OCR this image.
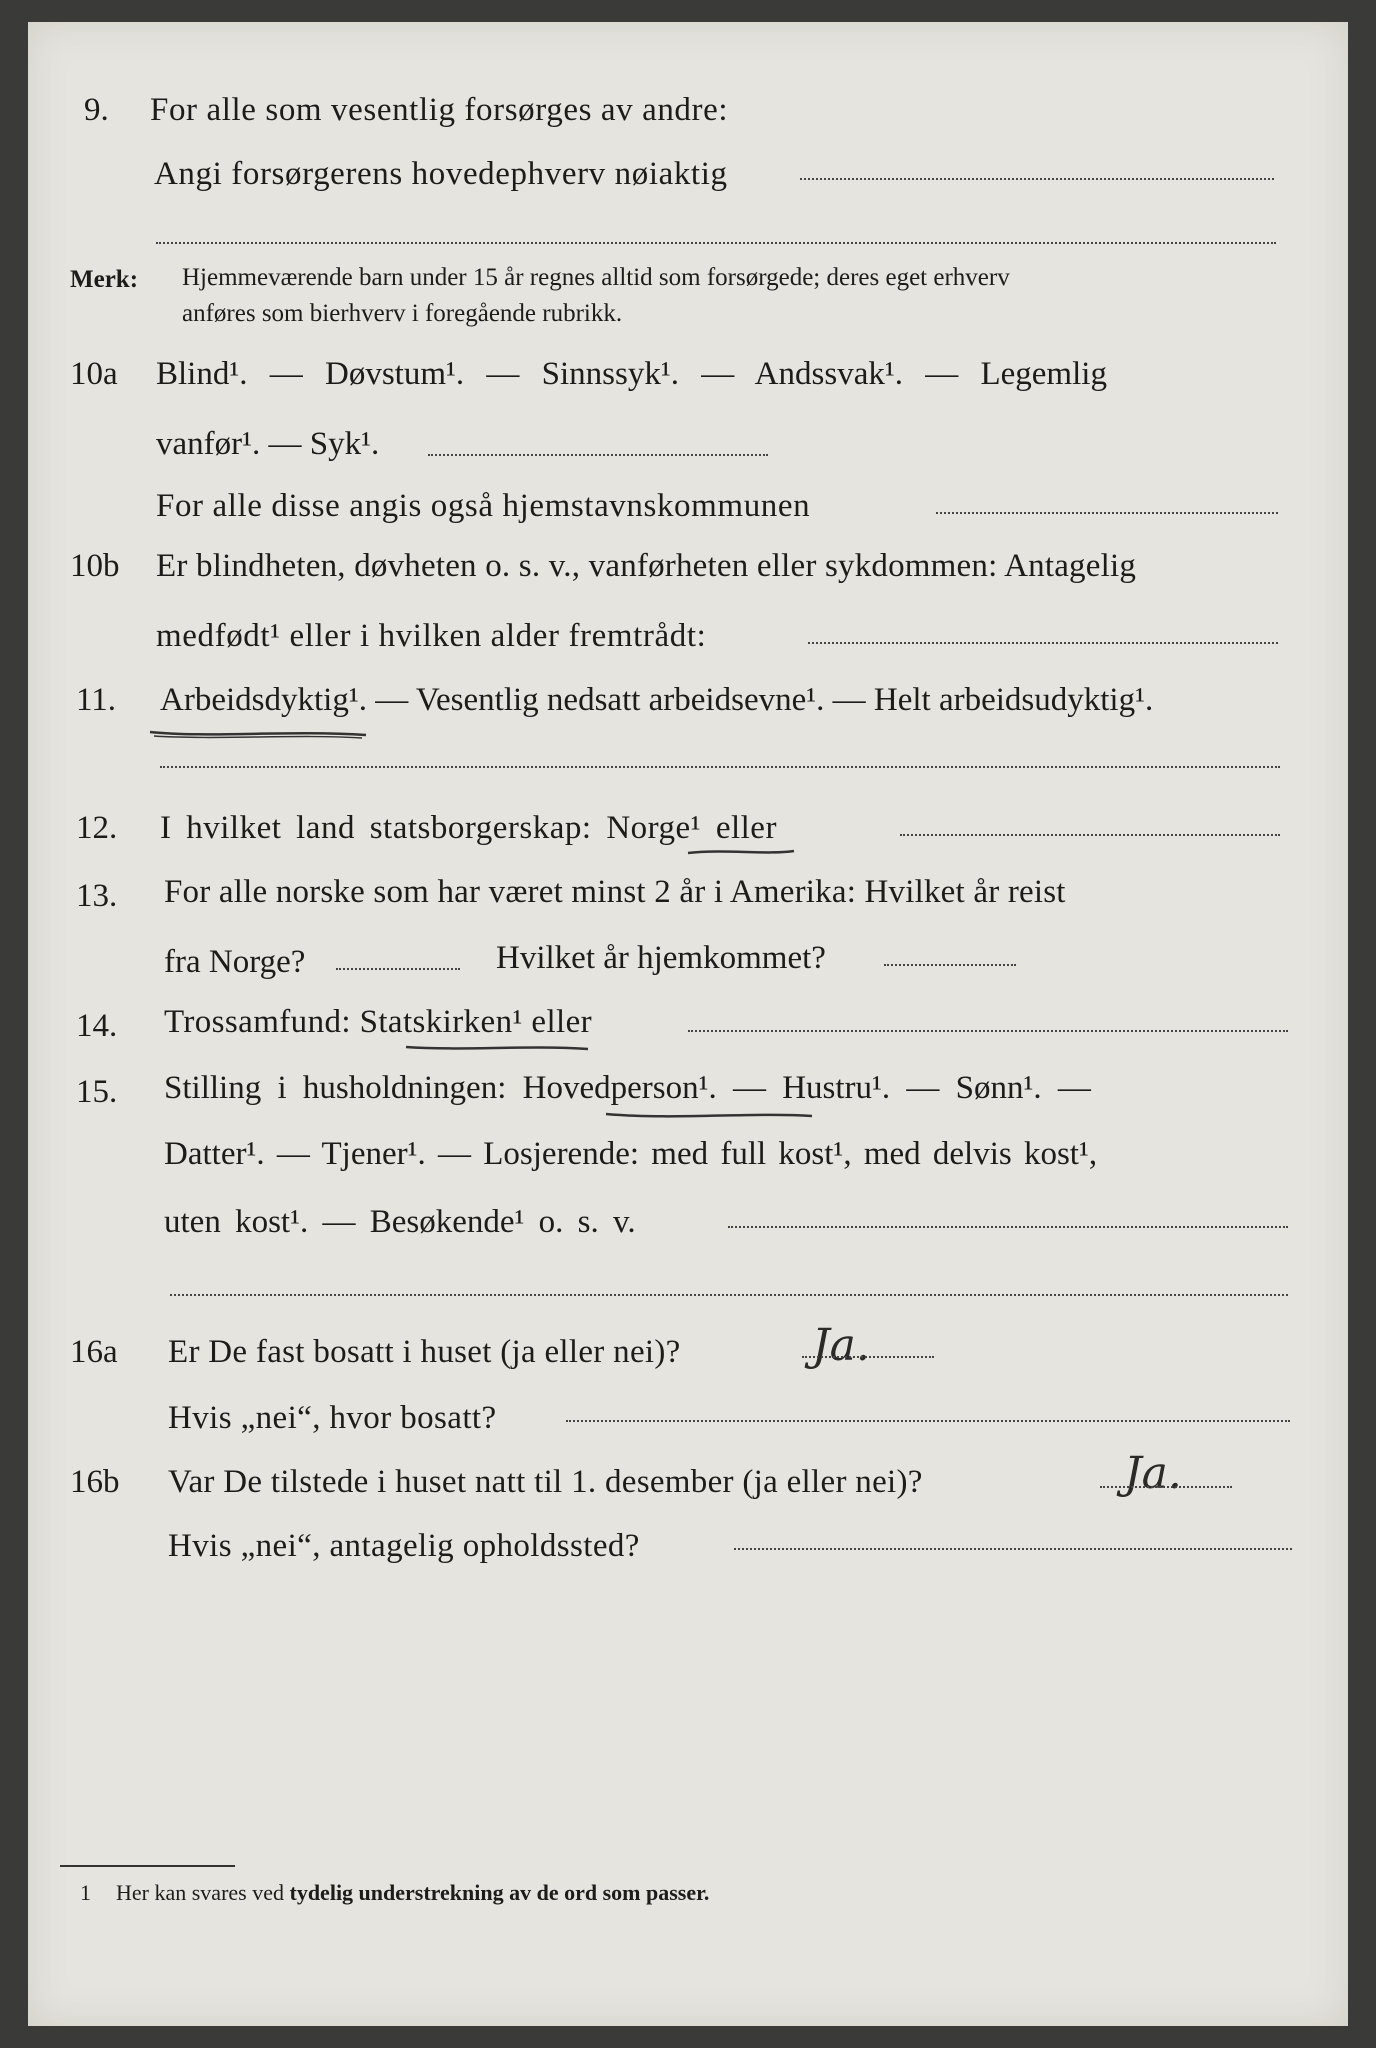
9. For alle som vesentlig forsørges av andre:
Angi forsørgerens hovedерhverv nøiaktig
Merk: Hjemmeværende barn under 15 år regnes alltid som forsørgede; deres eget erhverv
anføres som bierhverv i foregående rubrikk.
10a Blind¹. — Døvstum¹. — Sinnssyk¹. — Andssvak¹. — Legemlig
vanfør¹. — Syk¹.
For alle disse angis også hjemstavnskommunen
10b Er blindheten, døvheten o. s. v., vanførheten eller sykdommen: Antagelig
medfødt¹ eller i hvilken alder fremtrådt:
11. Arbeidsdyktig¹. — Vesentlig nedsatt arbeidsevne¹. — Helt arbeidsudyktig¹.
12. I hvilket land statsborgerskap: Norge¹ eller
13. For alle norske som har været minst 2 år i Amerika: Hvilket år reist
fra Norge?	Hvilket år hjemkommet?
14. Trossamfund: Statskirken¹ eller
15. Stilling i husholdningen: Hovedperson¹. — Hustru¹. — Sønn¹. —
Datter¹. — Tjener¹. — Losjerende: med full kost¹, med delvis kost¹,
uten kost¹. — Besøkende¹ o. s. v.
16a Er De fast bosatt i huset (ja eller nei)?	Ja.
Hvis „nei“, hvor bosatt?
16b Var De tilstede i huset natt til 1. desember (ja eller nei)?	Ja.
Hvis „nei“, antagelig opholdssted?
1 Her kan svares ved tydelig understrekning av de ord som passer.
